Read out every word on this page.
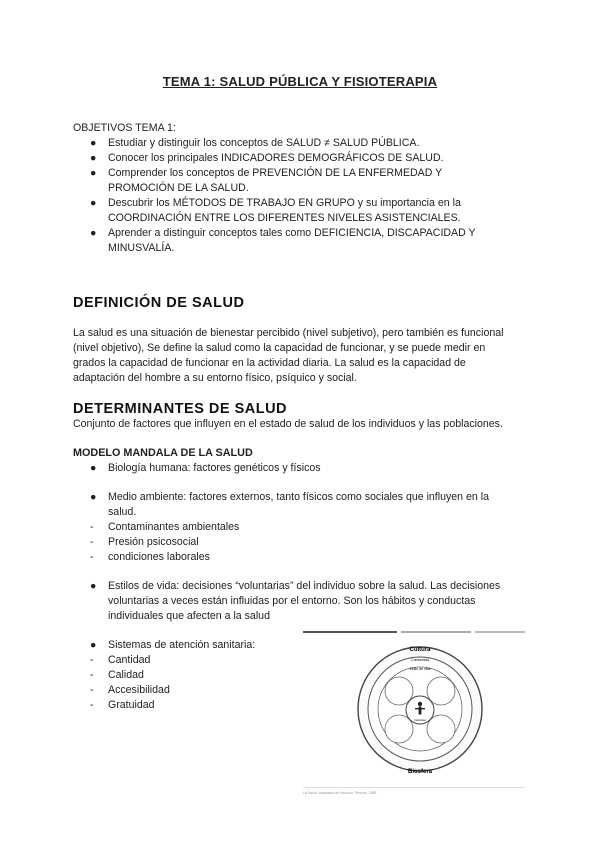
TEMA 1: SALUD PÚBLICA Y FISIOTERAPIA
OBJETIVOS TEMA 1:
● Estudiar y distinguir los conceptos de SALUD ≠ SALUD PÚBLICA.
● Conocer los principales INDICADORES DEMOGRÁFICOS DE SALUD.
● Comprender los conceptos de PREVENCIÓN DE LA ENFERMEDAD Y
PROMOCIÓN DE LA SALUD.
● Descubrir los MÉTODOS DE TRABAJO EN GRUPO y su importancia en la
COORDINACIÓN ENTRE LOS DIFERENTES NIVELES ASISTENCIALES.
● Aprender a distinguir conceptos tales como DEFICIENCIA, DISCAPACIDAD Y
MINUSVALÍA.
DEFINICIÓN DE SALUD
La salud es una situación de bienestar percibido (nivel subjetivo), pero también es funcional
(nivel objetivo), Se define la salud como la capacidad de funcionar, y se puede medir en
grados la capacidad de funcionar en la actividad diaria. La salud es la capacidad de
adaptación del hombre a su entorno físico, psíquico y social.
DETERMINANTES DE SALUD
Conjunto de factores que influyen en el estado de salud de los individuos y las poblaciones.
MODELO MANDALA DE LA SALUD
● Biología humana: factores genéticos y físicos
● Medio ambiente: factores externos, tanto físicos como sociales que influyen en la
salud.
- Contaminantes ambientales
- Presión psicosocial
- condiciones laborales
● Estilos de vida: decisiones “voluntarias” del individuo sobre la salud. Las decisiones
voluntarias a veces están influidas por el entorno. Son los hábitos y conductas
individuales que afecten a la salud
● Sistemas de atención sanitaria:
- Cantidad
- Calidad
- Accesibilidad
- Gratuidad
Cultura
Biosfera
Comunidad
Estilo de vida
Individuo
La Salud: Adaptado de Hancock, Perkins, 1985
